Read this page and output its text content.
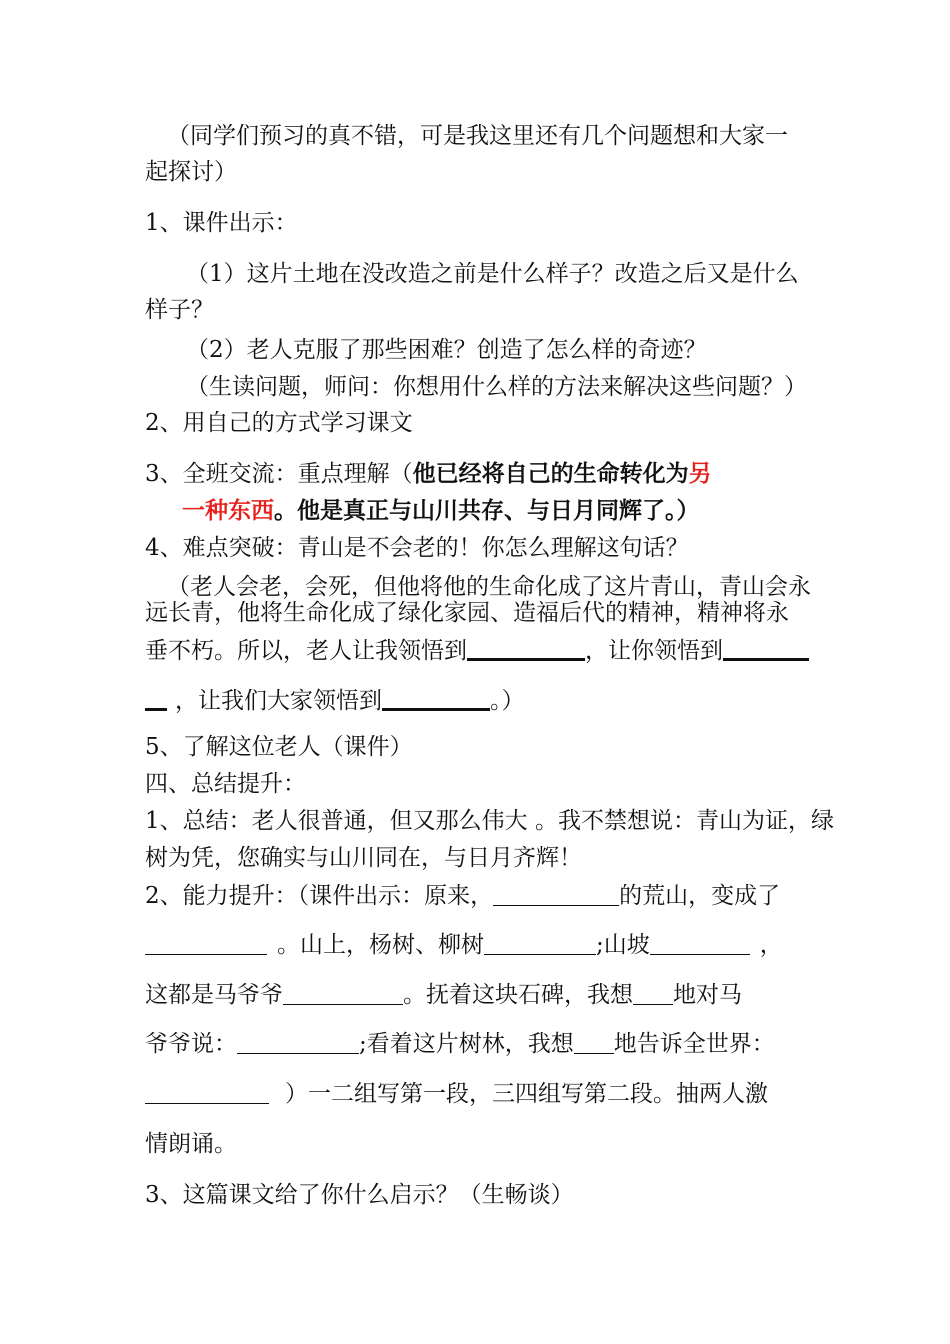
（同学们预习的真不错，可是我这里还有几个问题想和大家一
起探讨）
1、课件出示：
（1）这片土地在没改造之前是什么样子？改造之后又是什么
样子？
（2）老人克服了那些困难？创造了怎么样的奇迹？
（生读问题，师问：你想用什么样的方法来解决这些问题？）
2、用自己的方式学习课文
3、全班交流：重点理解（他已经将自己的生命转化为另
一种东西。他是真正与山川共存、与日月同辉了。）
4、难点突破：青山是不会老的！你怎么理解这句话？
（老人会老，会死，但他将他的生命化成了这片青山，青山会永
远长青，他将生命化成了绿化家园、造福后代的精神，精神将永
垂不朽。所以，老人让我领悟到	，让你领悟到
，让我们大家领悟到	。）
5、了解这位老人（课件）
四、总结提升：
1、总结：老人很普通，但又那么伟大 。我不禁想说：青山为证，绿
树为凭，您确实与山川同在，与日月齐辉！
2、能力提升：（课件出示：原来，	的荒山，变成了
。山上，杨树、柳树	;山坡	，
这都是马爷爷	。抚着这块石碑，我想 地对马
爷爷说：	;看着这片树林，我想 地告诉全世界：
）一二组写第一段，三四组写第二段。抽两人激
情朗诵。
3、这篇课文给了你什么启示？（生畅谈）
